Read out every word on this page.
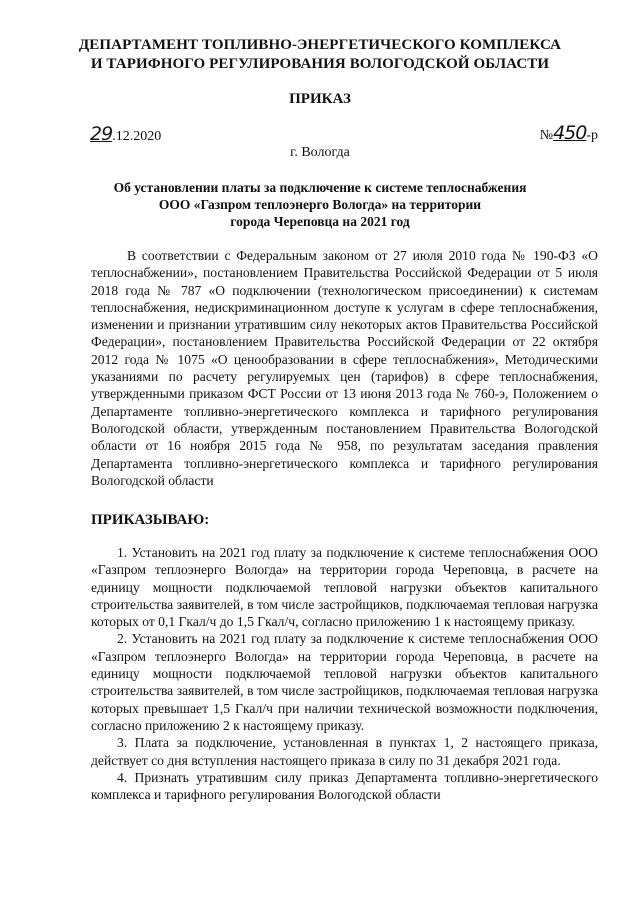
ДЕПАРТАМЕНТ ТОПЛИВНО-ЭНЕРГЕТИЧЕСКОГО КОМПЛЕКСА
И ТАРИФНОГО РЕГУЛИРОВАНИЯ ВОЛОГОДСКОЙ ОБЛАСТИ
ПРИКАЗ
29.12.2020	№450-р
г. Вологда
Об установлении платы за подключение к системе теплоснабжения
ООО «Газпром теплоэнерго Вологда» на территории
города Череповца на 2021 год

В соответствии с Федеральным законом от 27 июля 2010 года № 190-ФЗ «О теплоснабжении», постановлением Правительства Российской Федерации от 5 июля 2018 года № 787 «О подключении (технологическом присоединении) к системам теплоснабжения, недискриминационном доступе к услугам в сфере теплоснабжения, изменении и признании утратившим силу некоторых актов Правительства Российской Федерации», постановлением Правительства Российской Федерации от 22 октября 2012 года № 1075 «О ценообразовании в сфере теплоснабжения», Методическими указаниями по расчету регулируемых цен (тарифов) в сфере теплоснабжения, утвержденными приказом ФСТ России от 13 июня 2013 года № 760-э, Положением о Департаменте топливно-энергетического комплекса и тарифного регулирования Вологодской области, утвержденным постановлением Правительства Вологодской области от 16 ноября 2015 года № 958, по результатам заседания правления Департамента топливно-энергетического комплекса и тарифного регулирования Вологодской области

ПРИКАЗЫВАЮ:

1. Установить на 2021 год плату за подключение к системе теплоснабжения ООО «Газпром теплоэнерго Вологда» на территории города Череповца, в расчете на единицу мощности подключаемой тепловой нагрузки объектов капитального строительства заявителей, в том числе застройщиков, подключаемая тепловая нагрузка которых от 0,1 Гкал/ч до 1,5 Гкал/ч, согласно приложению 1 к настоящему приказу.

2. Установить на 2021 год плату за подключение к системе теплоснабжения ООО «Газпром теплоэнерго Вологда» на территории города Череповца, в расчете на единицу мощности подключаемой тепловой нагрузки объектов капитального строительства заявителей, в том числе застройщиков, подключаемая тепловая нагрузка которых превышает 1,5 Гкал/ч при наличии технической возможности подключения, согласно приложению 2 к настоящему приказу.

3. Плата за подключение, установленная в пунктах 1, 2 настоящего приказа, действует со дня вступления настоящего приказа в силу по 31 декабря 2021 года.

4. Признать утратившим силу приказ Департамента топливно-энергетического комплекса и тарифного регулирования Вологодской области
